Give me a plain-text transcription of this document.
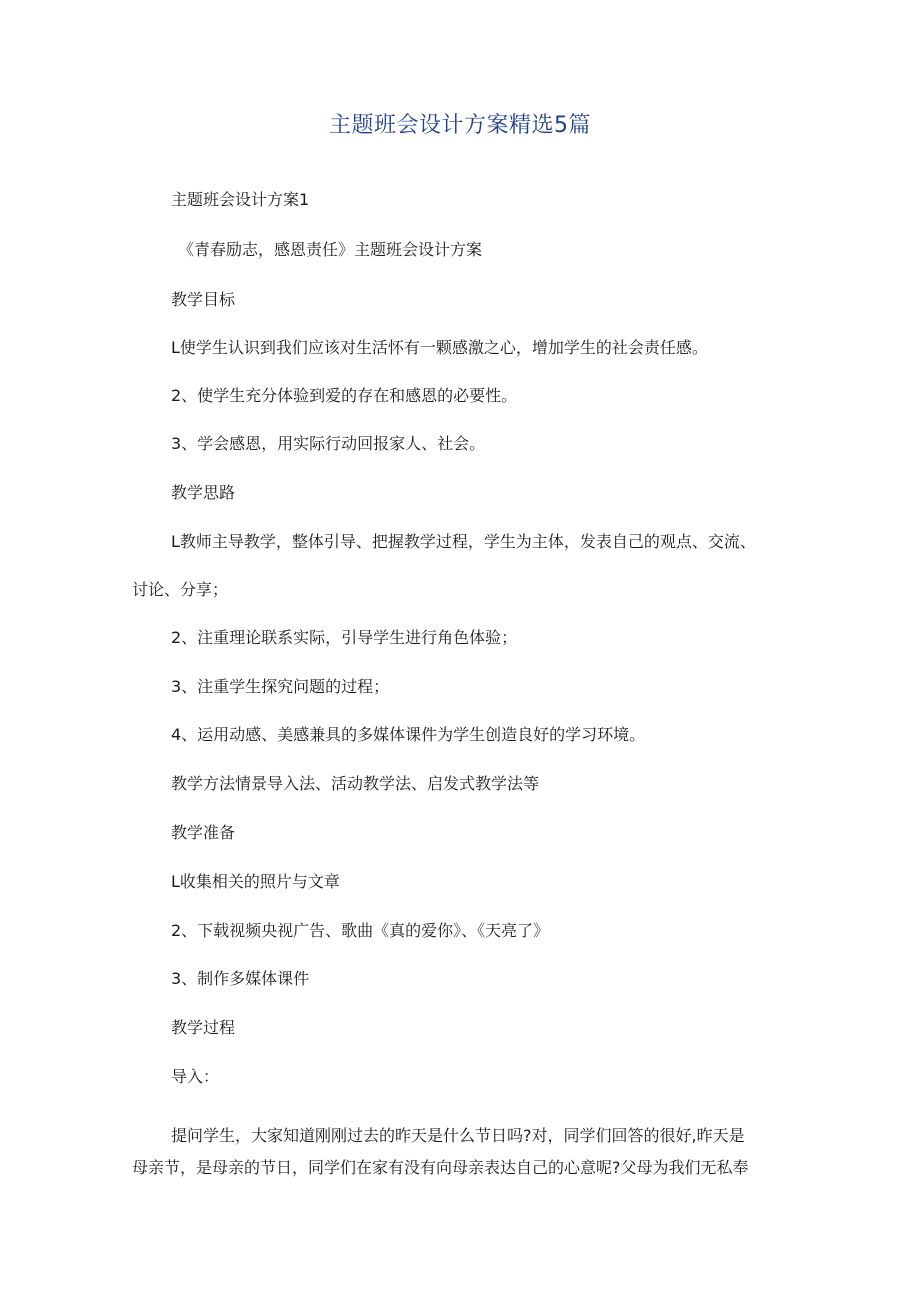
主题班会设计方案精选5篇

主题班会设计方案1

《青春励志，感恩责任》主题班会设计方案

教学目标

L使学生认识到我们应该对生活怀有一颗感激之心，增加学生的社会责任感。

2、使学生充分体验到爱的存在和感恩的必要性。

3、学会感恩，用实际行动回报家人、社会。

教学思路

L教师主导教学，整体引导、把握教学过程，学生为主体，发表自己的观点、交流、

讨论、分享；

2、注重理论联系实际，引导学生进行角色体验；

3、注重学生探究问题的过程；

4、运用动感、美感兼具的多媒体课件为学生创造良好的学习环境。

教学方法情景导入法、活动教学法、启发式教学法等

教学准备

L收集相关的照片与文章

2、下载视频央视广告、歌曲《真的爱你》、《天亮了》

3、制作多媒体课件

教学过程

导入：

提问学生，大家知道刚刚过去的昨天是什么节日吗?对，同学们回答的很好,昨天是

母亲节，是母亲的节日，同学们在家有没有向母亲表达自己的心意呢?父母为我们无私奉
